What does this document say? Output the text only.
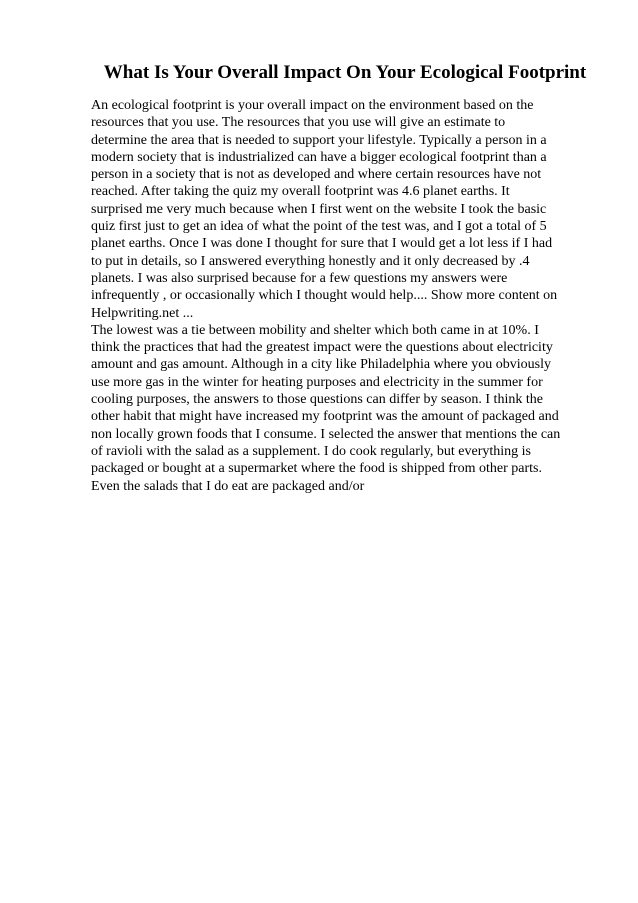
What Is Your Overall Impact On Your Ecological Footprint

An ecological footprint is your overall impact on the environment based on the
resources that you use. The resources that you use will give an estimate to
determine the area that is needed to support your lifestyle. Typically a person in a
modern society that is industrialized can have a bigger ecological footprint than a
person in a society that is not as developed and where certain resources have not
reached. After taking the quiz my overall footprint was 4.6 planet earths. It
surprised me very much because when I first went on the website I took the basic
quiz first just to get an idea of what the point of the test was, and I got a total of 5
planet earths. Once I was done I thought for sure that I would get a lot less if I had
to put in details, so I answered everything honestly and it only decreased by .4
planets. I was also surprised because for a few questions my answers were
infrequently , or occasionally which I thought would help.... Show more content on
Helpwriting.net ...

The lowest was a tie between mobility and shelter which both came in at 10%. I
think the practices that had the greatest impact were the questions about electricity
amount and gas amount. Although in a city like Philadelphia where you obviously
use more gas in the winter for heating purposes and electricity in the summer for
cooling purposes, the answers to those questions can differ by season. I think the
other habit that might have increased my footprint was the amount of packaged and
non locally grown foods that I consume. I selected the answer that mentions the can
of ravioli with the salad as a supplement. I do cook regularly, but everything is
packaged or bought at a supermarket where the food is shipped from other parts.
Even the salads that I do eat are packaged and/or
